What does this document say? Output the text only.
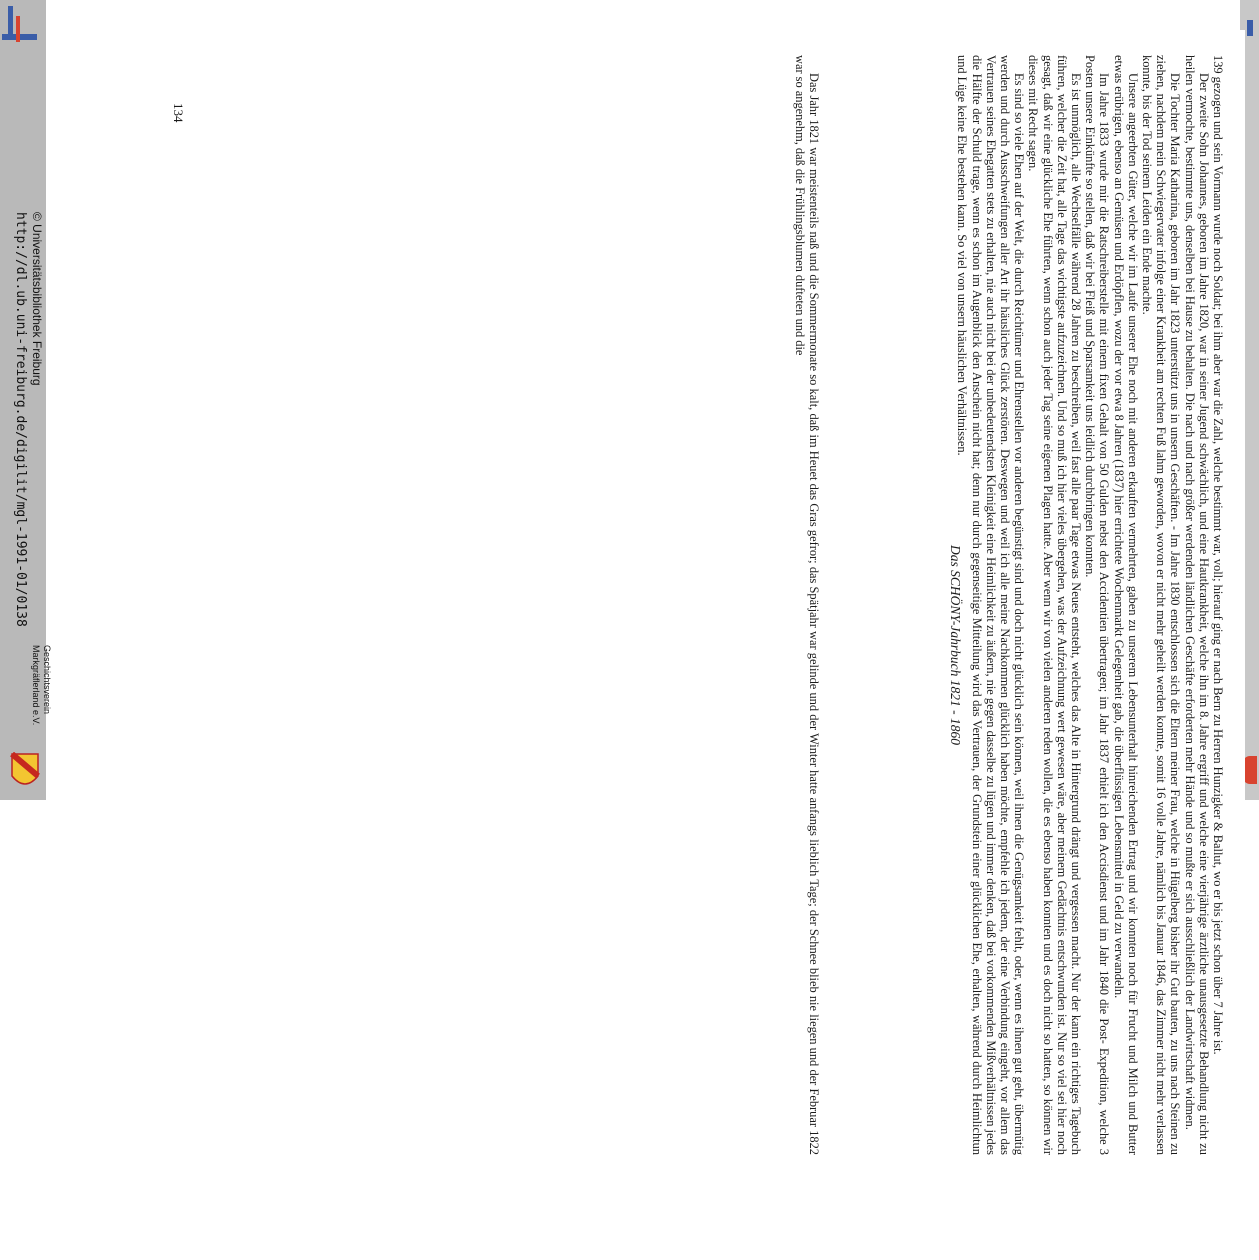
http://dl.ub.uni-freiburg.de/digilit/mgl-1991-01/0138 © Universitätsbibliothek Freiburg
Geschichtsverein
Markgräflerland e.V.	139 gezogen und sein Vormann wurde noch Soldat; bei ihm aber war die Zahl, welche bestimmt war, voll; hierauf ging er nach Bern zu Herren Hunzigker & Ballut, wo er bis jetzt schon über 7 Jahre ist.

Der zweite Sohn Johannes, geboren im Jahre 1820, war in seiner Jugend schwächlich, und eine Hautkrankheit, welche ihn im 8. Jahre ergriff und welche eine vierjährige ärztliche unausgesetzte Behandlung nicht zu heilen vermochte, bestimmte uns, denselben bei Hause zu behalten. Die nach und nach größer werdenden ländlichen Geschäfte erforderten mehr Hände und so mußte er sich ausschließlich der Landwirtschaft widmen.

Die Tochter Maria Katharina, geboren im Jahr 1823 unterstützt uns in unsern Geschäften. - Im Jahre 1830 entschlossen sich die Eltern meiner Frau, welche in Hügelberg bisher ihr Gut bauten, zu uns nach Steinen zu ziehen, nachdem mein Schwiegervater infolge einer Krankheit am rechten Fuß lahm geworden, wovon er nicht mehr geheilt werden konnte, somit 16 volle Jahre, nämlich bis Januar 1846, das Zimmer nicht mehr verlassen konnte, bis der Tod seinem Leiden ein Ende machte.

Unsere angeerbten Güter, welche wir im Laufe unserer Ehe noch mit anderen erkauften vermehrten, gaben zu unserem Lebensunterhalt hinreichenden Ertrag und wir konnten noch für Frucht und Milch und Butter etwas erübrigen, ebenso an Gemüsen und Erdöpflen, wozu der vor etwa 8 Jahren (1837) hier errichtete Wochenmarkt Gelegenheit gab, die überflüssigen Lebensmittel in Geld zu verwandeln.

Im Jahre 1833 wurde mir die Ratschreiberstelle mit einem fixen Gehalt von 50 Gulden nebst den Accidentien übertragen; im Jahr 1837 erhielt ich den Accisdienst und im Jahr 1840 die Post- Expedition, welche 3 Posten unsere Einkünfte so stellen, daß wir bei Fleiß und Sparsamkeit uns leidlich durchbringen konnten.

Es ist unmöglich, alle Wechselfälle während 28 Jahren zu beschreiben, weil fast alle paar Tage etwas Neues entsteht, welches das Alte in Hintergrund drängt und vergessen macht. Nur der kann ein richtiges Tagebuch führen, welcher die Zeit hat, alle Tage das wichtigste aufzuzeichnen. Und so muß ich hier vieles übergehen, was der Aufzeichnung wert gewesen wäre, aber meinem Gedächtnis entschwunden ist. Nur so viel sei hier noch gesagt, daß wir eine glückliche Ehe führten, wenn schon auch jeder Tag seine eigenen Plagen hatte. Aber wenn wir von vielen anderen reden wollen, die es ebenso haben konnten und es doch nicht so hatten, so können wir dieses mit Recht sagen.

Es sind so viele Ehen auf der Welt, die durch Reichtümer und Ehrenstellen vor anderen begünstigt sind und doch nicht glücklich sein können, weil ihnen die Genügsamkeit fehlt, oder, wenn es ihnen gut geht, übermütig werden und durch Ausschweifungen aller Art ihr häusliches Glück zerstören. Deswegen und weil ich alle meine Nachkommen glücklich haben möchte, empfehle ich jedem, der eine Verbindung eingeht, vor allem das Vertrauen seines Ehegatten stets zu erhalten, nie auch nicht bei der unbedeutendsten Kleinigkeit eine Heimlichkeit zu äußern, nie gegen dasselbe zu lügen und immer denken, daß bei vorkommenden Mißverhältnissen jedes die Hälfte der Schuld trage, wenn es schon im Augenblick den Anschein nicht hat; denn nur durch gegenseitige Mitteilung wird das Vertrauen, der Grundstein einer glücklichen Ehe, erhalten, während durch Heimlichtun und Lüge keine Ehe bestehen kann. So viel von unsern häuslichen Verhältnissen.

Das SCHÖNY-Jahrbuch 1821 - 1860

Das Jahr 1821 war meistenteils naß und die Sommermonate so kalt, daß im Heuet das Gras gefror; das Spätjahr war gelinde und der Winter hatte anfangs lieblich Tage; der Schnee blieb nie liegen und der Februar 1822 war so angenehm, daß die Frühlingsblumen dufteten und die

134
